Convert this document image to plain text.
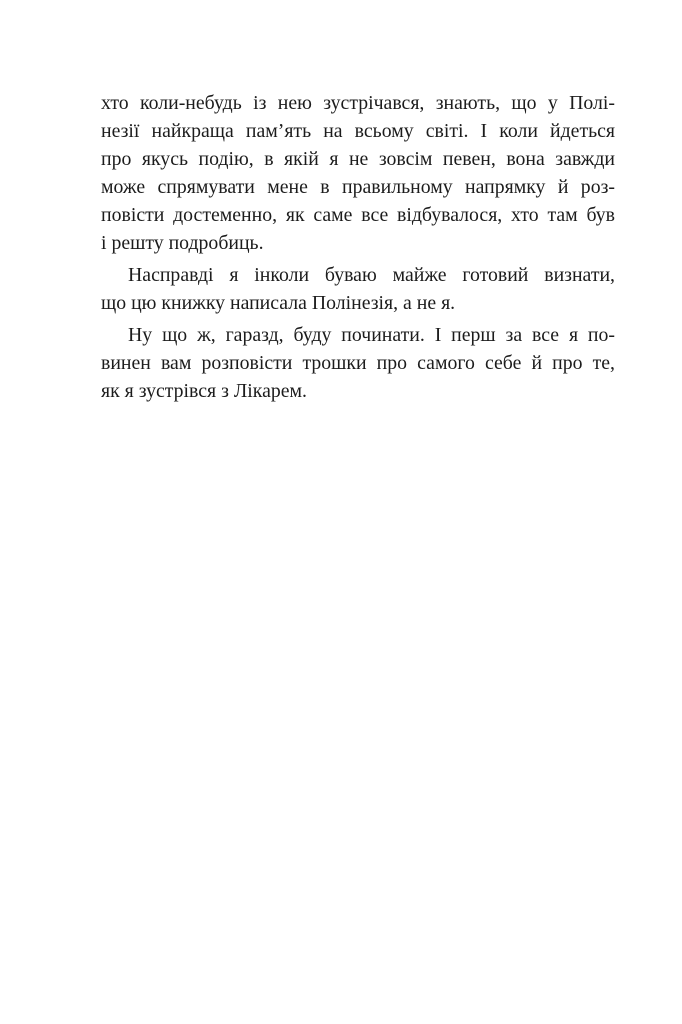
хто коли-небудь із нею зустрічався, знають, що у Полі-
незії найкраща пам’ять на всьому світі. І коли йдеться
про якусь подію, в якій я не зовсім певен, вона завжди
може спрямувати мене в правильному напрямку й роз-
повісти достеменно, як саме все відбувалося, хто там був
і решту подробиць.
Насправді я інколи буваю майже готовий визнати,
що цю книжку написала Полінезія, а не я.
Ну що ж, гаразд, буду починати. І перш за все я по-
винен вам розповісти трошки про самого себе й про те,
як я зустрівся з Лікарем.
